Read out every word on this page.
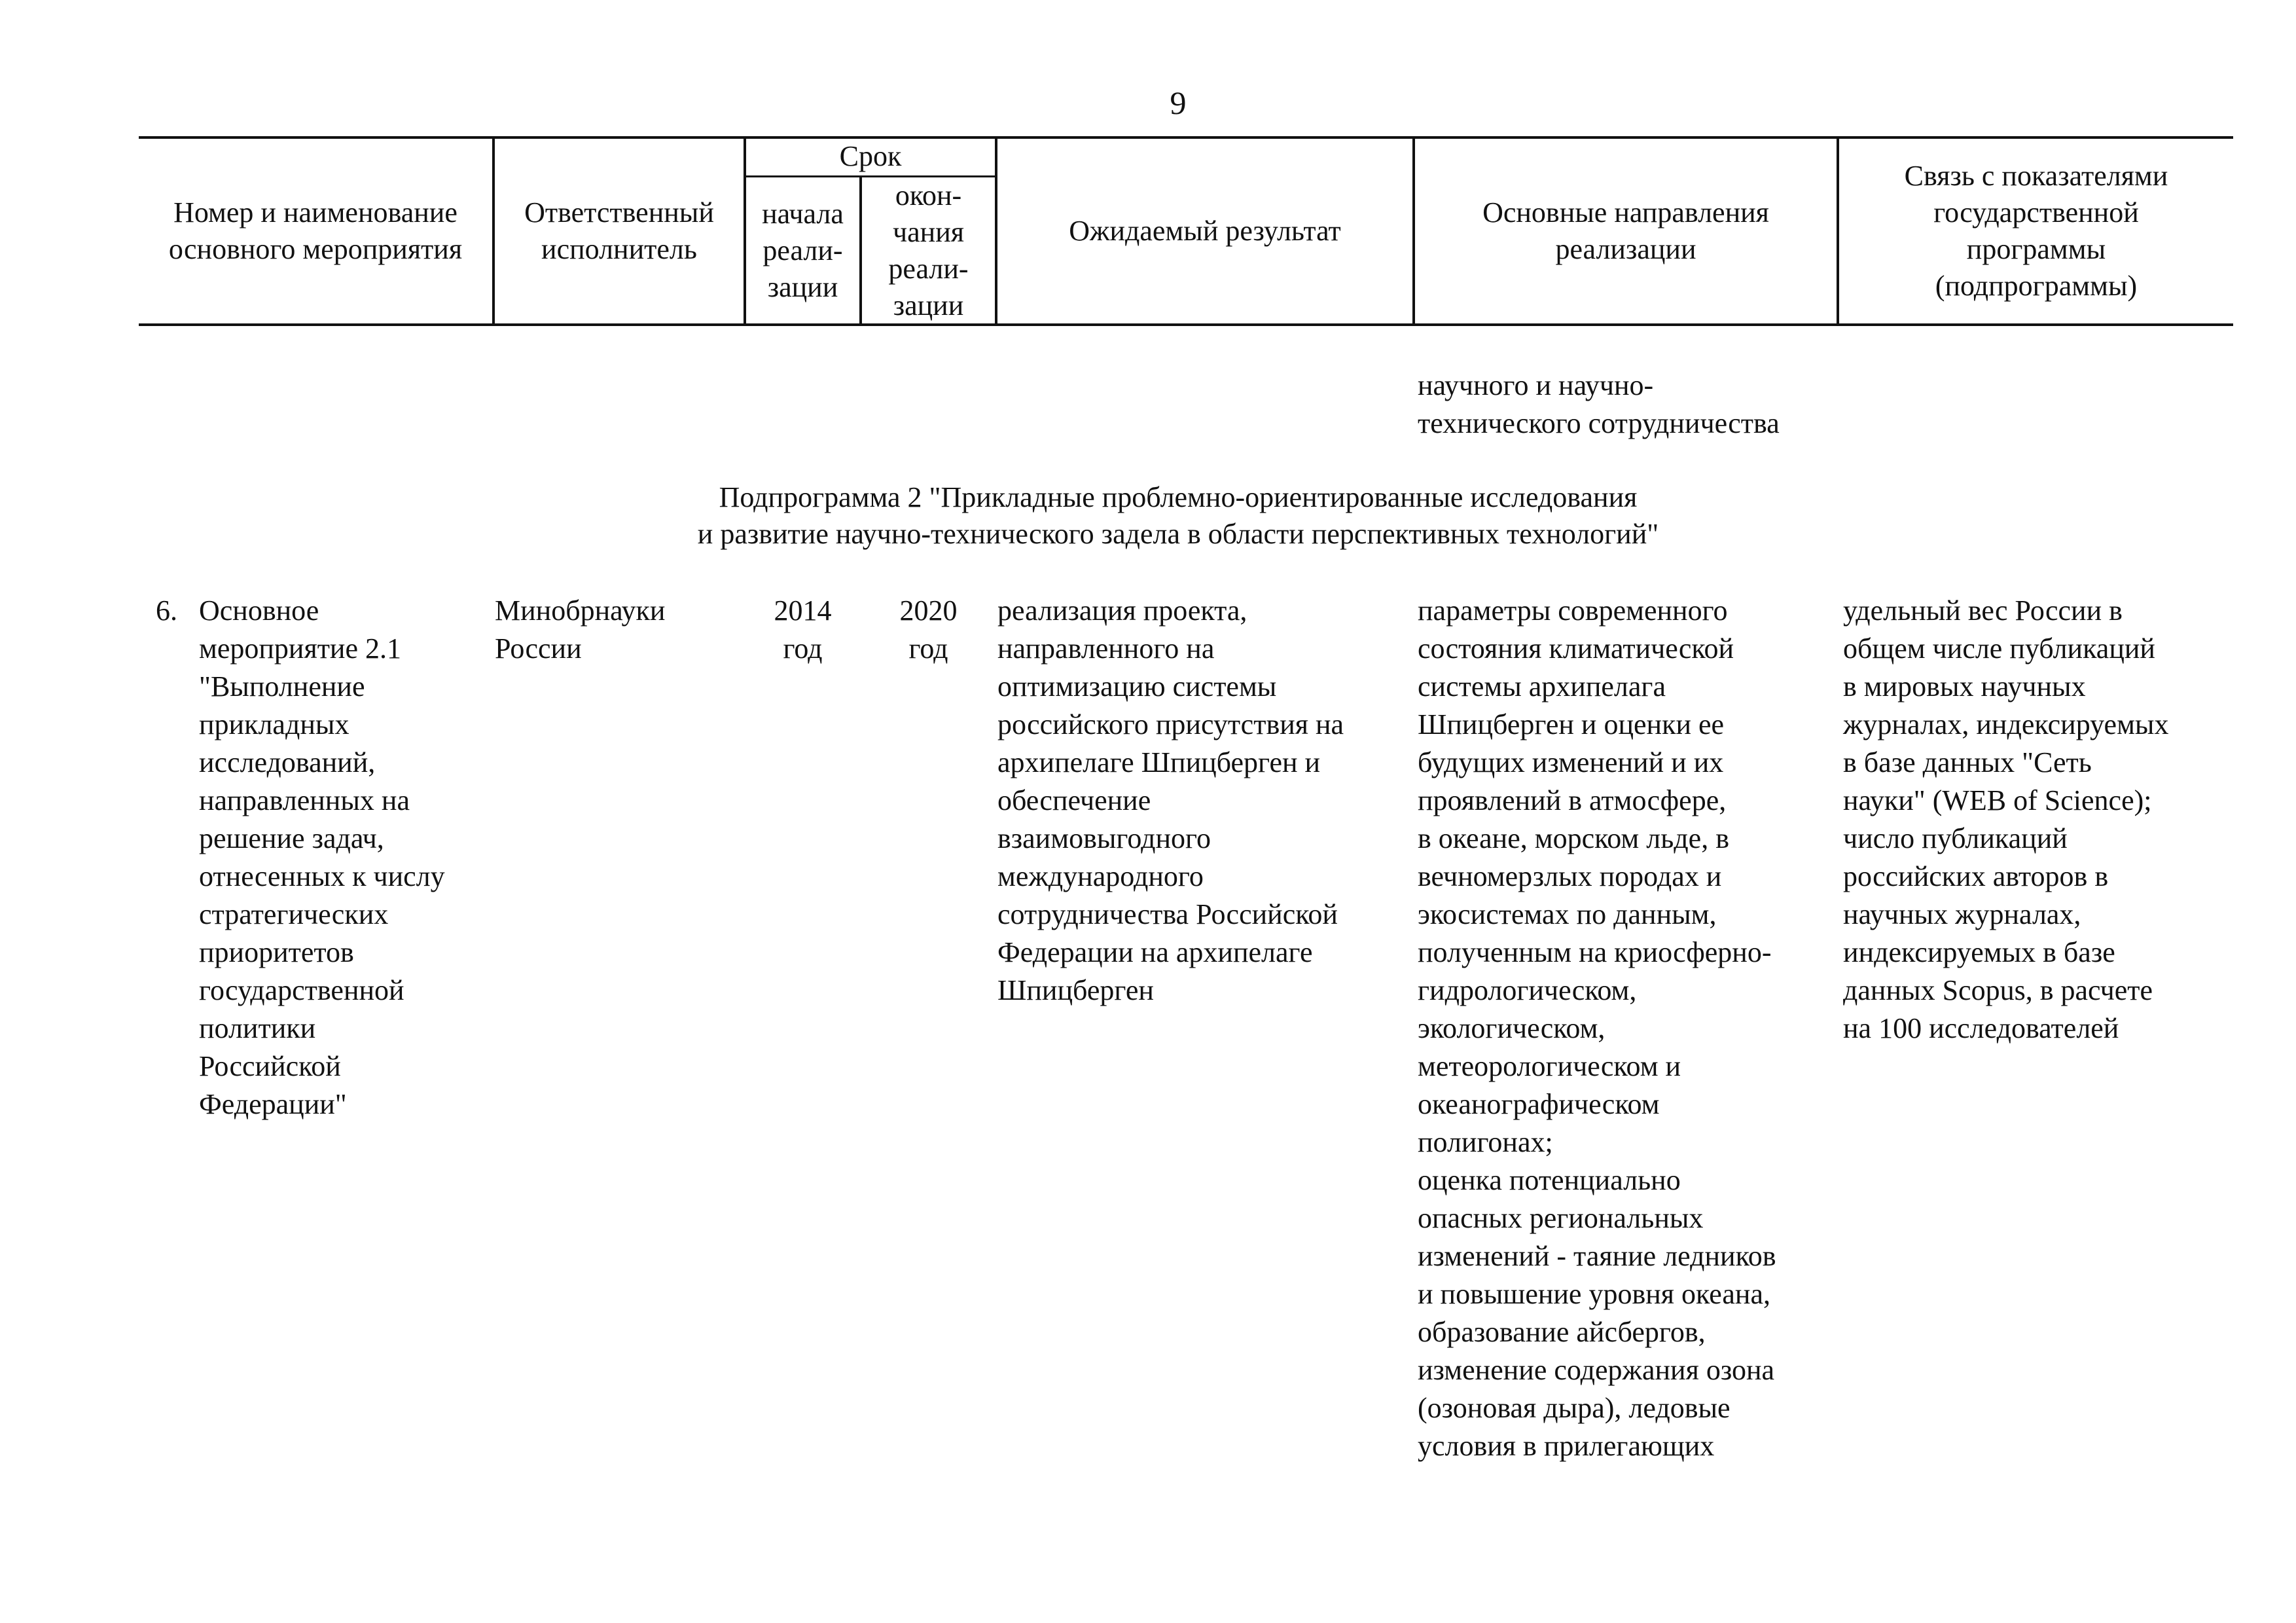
9
Номер и наименование
основного мероприятия
Ответственный
исполнитель
Срок
начала
реали-
зации
окон-
чания
реали-
зации
Ожидаемый результат
Основные направления
реализации
Связь с показателями
государственной
программы
(подпрограммы)
научного и научно-
технического сотрудничества
Подпрограмма 2 "Прикладные проблемно-ориентированные исследования
и развитие научно-технического задела в области перспективных технологий"
6. Основное
мероприятие 2.1
"Выполнение
прикладных
исследований,
направленных на
решение задач,
отнесенных к числу
стратегических
приоритетов
государственной
политики
Российской
Федерации"
Минобрнауки
России
2014
год
2020
год
реализация проекта,
направленного на
оптимизацию системы
российского присутствия на
архипелаге Шпицберген и
обеспечение
взаимовыгодного
международного
сотрудничества Российской
Федерации на архипелаге
Шпицберген
параметры современного
состояния климатической
системы архипелага
Шпицберген и оценки ее
будущих изменений и их
проявлений в атмосфере,
в океане, морском льде, в
вечномерзлых породах и
экосистемах по данным,
полученным на криосферно-
гидрологическом,
экологическом,
метеорологическом и
океанографическом
полигонах;
оценка потенциально
опасных региональных
изменений - таяние ледников
и повышение уровня океана,
образование айсбергов,
изменение содержания озона
(озоновая дыра), ледовые
условия в прилегающих
удельный вес России в
общем числе публикаций
в мировых научных
журналах, индексируемых
в базе данных "Сеть
науки" (WEB of Science);
число публикаций
российских авторов в
научных журналах,
индексируемых в базе
данных Scopus, в расчете
на 100 исследователей
